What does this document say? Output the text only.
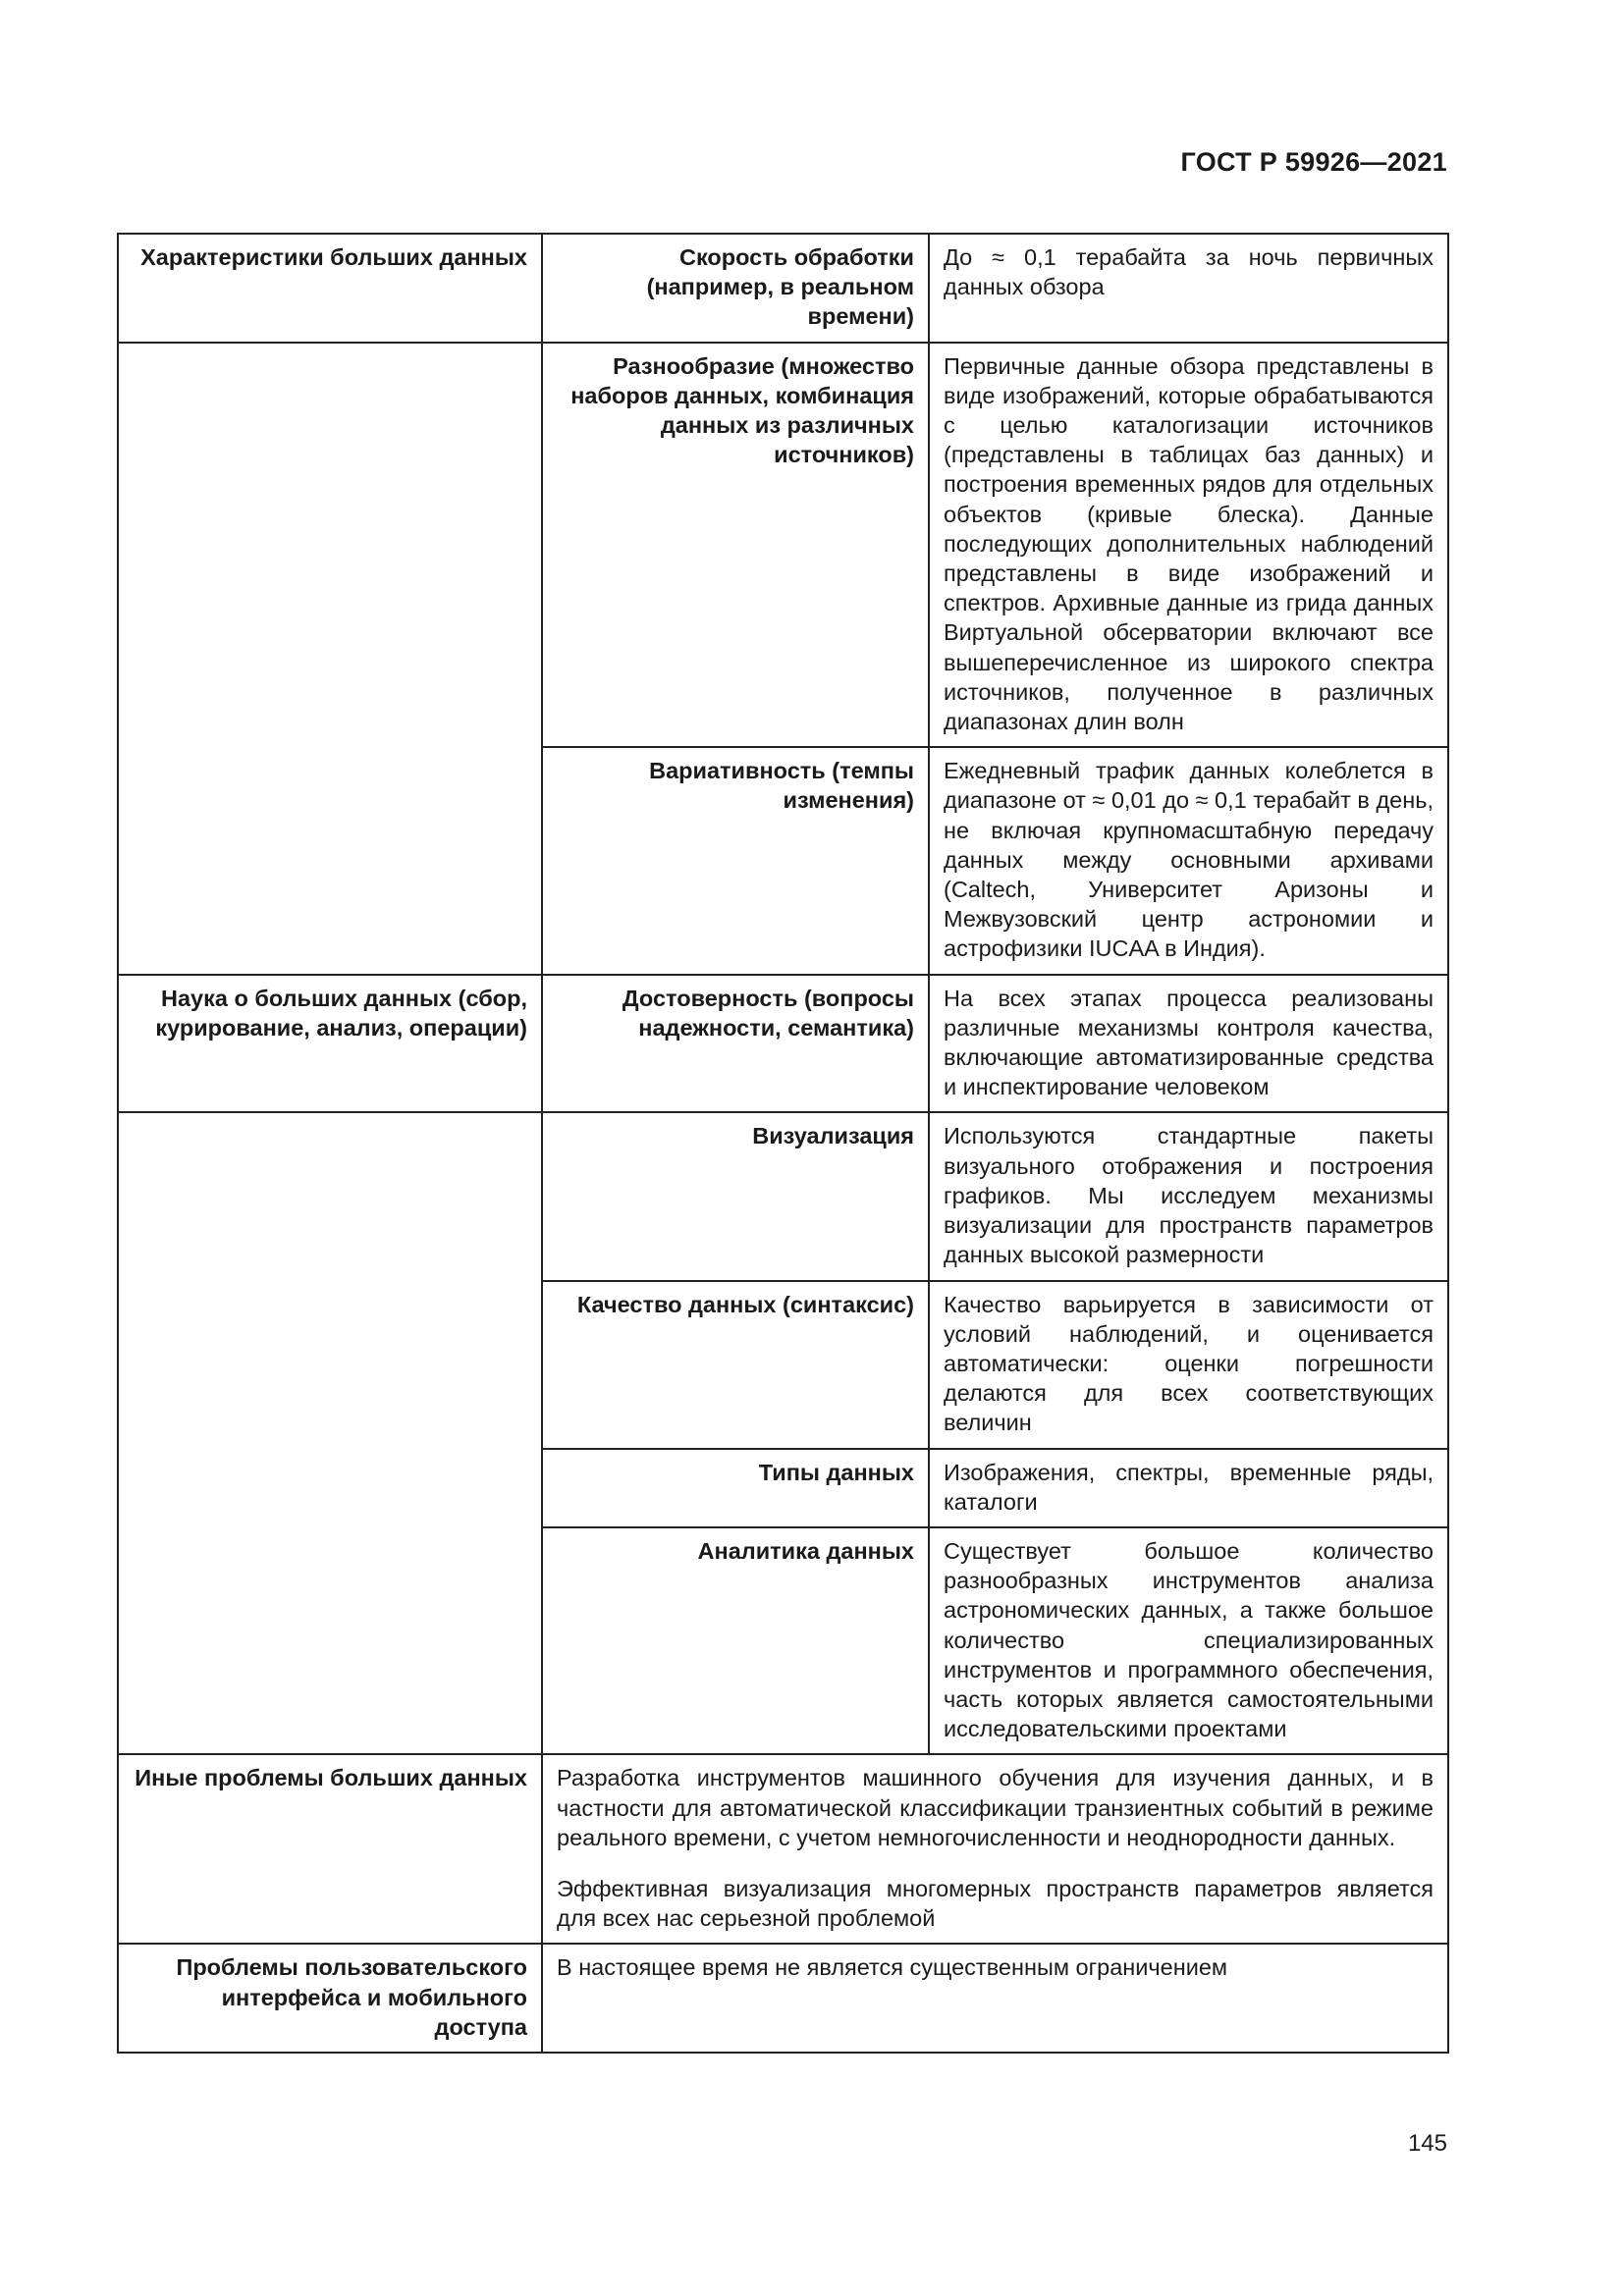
ГОСТ Р 59926—2021
Характеристики больших данных	Скорость обработки (например, в реальном времени)	До ≈ 0,1 терабайта за ночь первичных данных обзора
	Разнообразие (множество наборов данных, комбинация данных из различных источников)	Первичные данные обзора представлены в виде изображений, которые обрабатываются с целью каталогизации источников (представлены в таблицах баз данных) и построения временных рядов для отдельных объектов (кривые блеска). Данные последующих дополнительных наблюдений представлены в виде изображений и спектров. Архивные данные из грида данных Виртуальной обсерватории включают все вышеперечисленное из широкого спектра источников, полученное в различных диапазонах длин волн
	Вариативность (темпы изменения)	Ежедневный трафик данных колеблется в диапазоне от ≈ 0,01 до ≈ 0,1 терабайт в день, не включая крупномасштабную передачу данных между основными архивами (Caltech, Университет Аризоны и Межвузовский центр астрономии и астрофизики IUCAA в Индия).
Наука о больших данных (сбор, курирование, анализ, операции)	Достоверность (вопросы надежности, семантика)	На всех этапах процесса реализованы различные механизмы контроля качества, включающие автоматизированные средства и инспектирование человеком
	Визуализация	Используются стандартные пакеты визуального отображения и построения графиков. Мы исследуем механизмы визуализации для пространств параметров данных высокой размерности
	Качество данных (синтаксис)	Качество варьируется в зависимости от условий наблюдений, и оценивается автоматически: оценки погрешности делаются для всех соответствующих величин
	Типы данных	Изображения, спектры, временные ряды, каталоги
	Аналитика данных	Существует большое количество разнообразных инструментов анализа астрономических данных, а также большое количество специализированных инструментов и программного обеспечения, часть которых является самостоятельными исследовательскими проектами
Иные проблемы больших данных	Разработка инструментов машинного обучения для изучения данных, и в частности для автоматической классификации транзиентных событий в режиме реального времени, с учетом немногочисленности и неоднородности данных.

Эффективная визуализация многомерных пространств параметров является для всех нас серьезной проблемой	

Проблемы пользовательского интерфейса и мобильного доступа	В настоящее время не является существенным ограничением	
145
